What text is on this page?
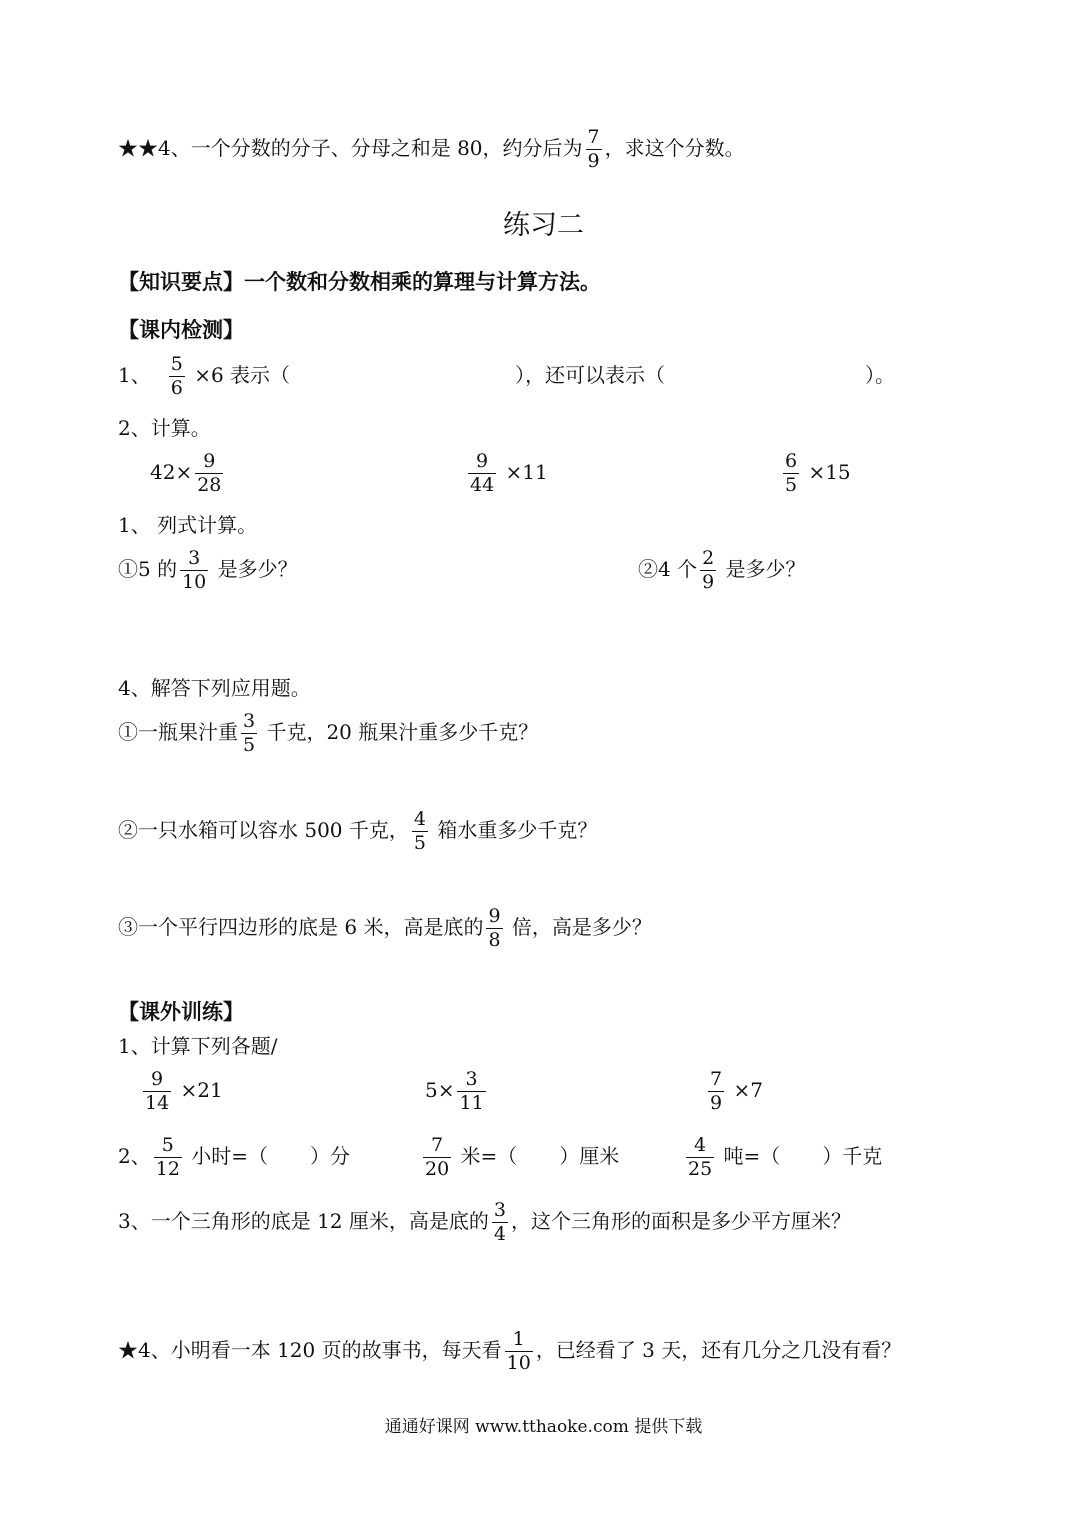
★★4、一个分数的分子、分母之和是 80，约分后为 $\frac{7}{9}$ ，求这个分数。
练习二
【知识要点】一个数和分数相乘的算理与计算方法。
【课内检测】
1、 $\frac{5}{6} \times 6$ 表示（	），还可以表示（	）。
2、计算。
$42\times \frac{9}{28}$	$\frac{9}{44} \times 11$	$\frac{6}{5} \times 15$
1、 列式计算。
①5 的 $\frac{3}{10}$ 是多少？	②4 个 $\frac{2}{9}$ 是多少？
4、解答下列应用题。
①一瓶果汁重 $\frac{3}{5}$ 千克，20 瓶果汁重多少千克？
②一只水箱可以容水 500 千克， $\frac{4}{5}$ 箱水重多少千克？
③一个平行四边形的底是 6 米，高是底的 $\frac{9}{8}$ 倍，高是多少？
【课外训练】
1、计算下列各题/
$\frac{9}{14} \times 21$	$5\times \frac{3}{11}$	$\frac{7}{9} \times 7$
2、 $\frac{5}{12}$ 小时=（ ）分	$\frac{7}{20}$ 米=（ ）厘米	$\frac{4}{25}$ 吨=（ ）千克
3、一个三角形的底是 12 厘米，高是底的 $\frac{3}{4}$ ，这个三角形的面积是多少平方厘米？
★4、小明看一本 120 页的故事书，每天看 $\frac{1}{10}$ ，已经看了 3 天，还有几分之几没有看？
通通好课网 www.tthaoke.com 提供下载
